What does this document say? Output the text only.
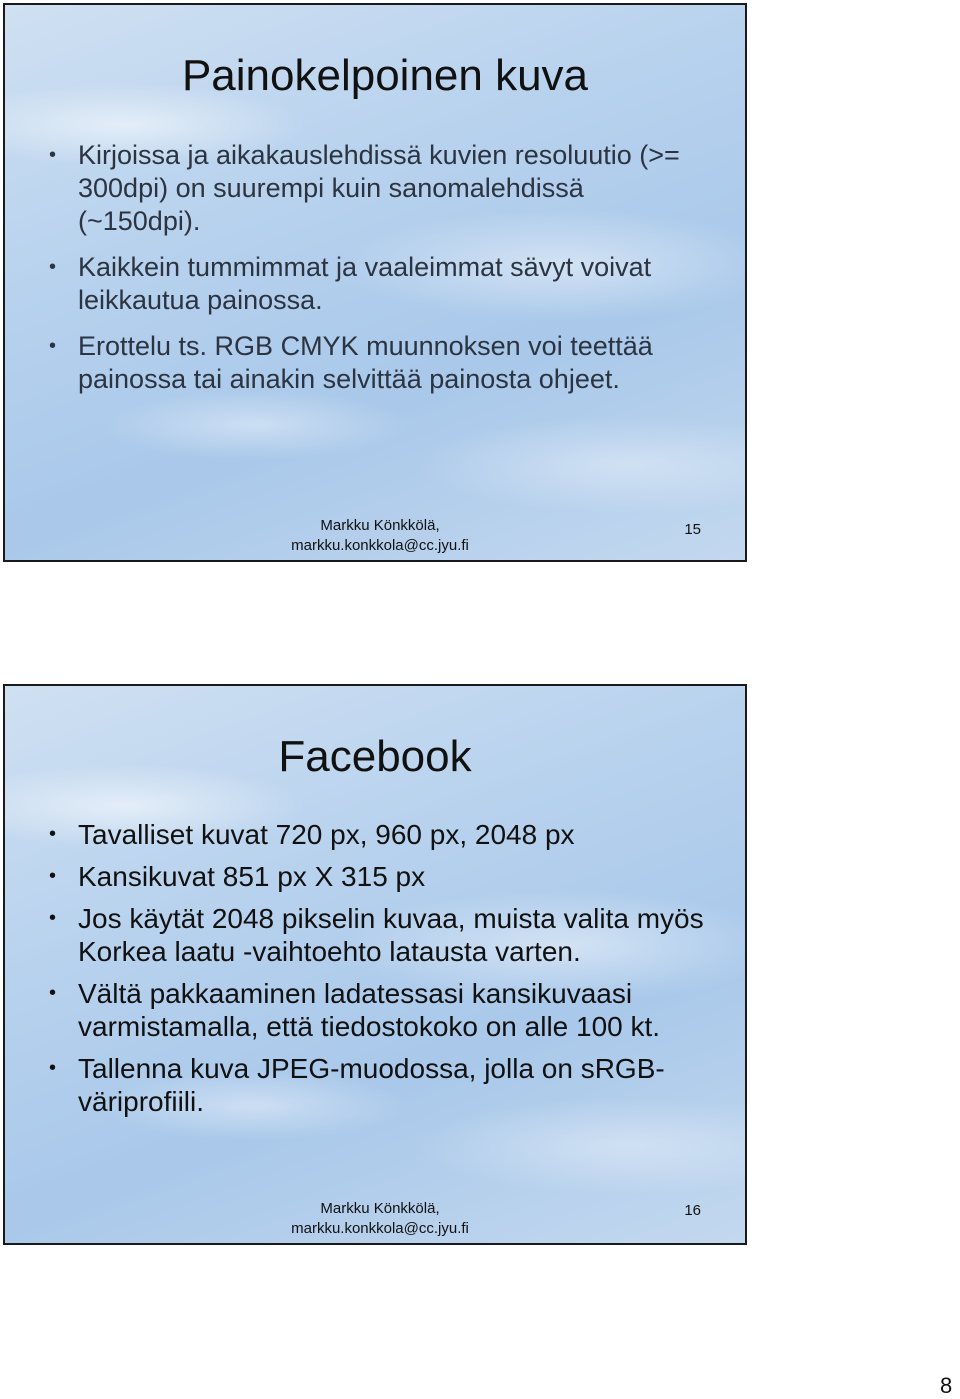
Painokelpoinen kuva
• Kirjoissa ja aikakauslehdissä kuvien resoluutio (>= 300dpi) on suurempi kuin sanomalehdissä (~150dpi).
• Kaikkein tummimmat ja vaaleimmat sävyt voivat leikkautua painossa.
• Erottelu ts. RGB CMYK muunnoksen voi teettää painossa tai ainakin selvittää painosta ohjeet.
Markku Könkkölä,
markku.konkkola@cc.jyu.fi
15
Facebook
• Tavalliset kuvat 720 px, 960 px, 2048 px
• Kansikuvat 851 px X 315 px
• Jos käytät 2048 pikselin kuvaa, muista valita myös Korkea laatu -vaihtoehto latausta varten.
• Vältä pakkaaminen ladatessasi kansikuvaasi varmistamalla, että tiedostokoko on alle 100 kt.
• Tallenna kuva JPEG-muodossa, jolla on sRGB-väriprofiili.
Markku Könkkölä,
markku.konkkola@cc.jyu.fi
16
8
